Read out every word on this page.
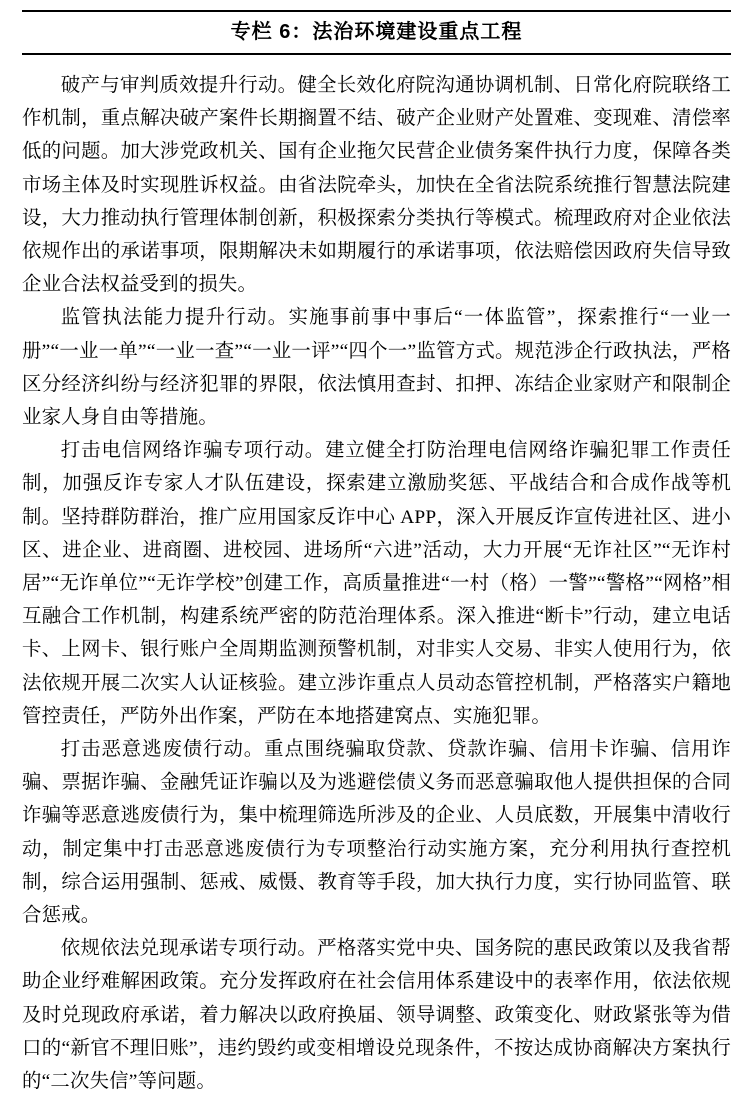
专栏 6：法治环境建设重点工程

破产与审判质效提升行动。健全长效化府院沟通协调机制、日常化府院联络工作机制，重点解决破产案件长期搁置不结、破产企业财产处置难、变现难、清偿率低的问题。加大涉党政机关、国有企业拖欠民营企业债务案件执行力度，保障各类市场主体及时实现胜诉权益。由省法院牵头，加快在全省法院系统推行智慧法院建设，大力推动执行管理体制创新，积极探索分类执行等模式。梳理政府对企业依法依规作出的承诺事项，限期解决未如期履行的承诺事项，依法赔偿因政府失信导致企业合法权益受到的损失。

监管执法能力提升行动。实施事前事中事后“一体监管”，探索推行“一业一册”“一业一单”“一业一查”“一业一评”“四个一”监管方式。规范涉企行政执法，严格区分经济纠纷与经济犯罪的界限，依法慎用查封、扣押、冻结企业家财产和限制企业家人身自由等措施。

打击电信网络诈骗专项行动。建立健全打防治理电信网络诈骗犯罪工作责任制，加强反诈专家人才队伍建设，探索建立激励奖惩、平战结合和合成作战等机制。坚持群防群治，推广应用国家反诈中心 APP，深入开展反诈宣传进社区、进小区、进企业、进商圈、进校园、进场所“六进”活动，大力开展“无诈社区”“无诈村居”“无诈单位”“无诈学校”创建工作，高质量推进“一村（格）一警”“警格”“网格”相互融合工作机制，构建系统严密的防范治理体系。深入推进“断卡”行动，建立电话卡、上网卡、银行账户全周期监测预警机制，对非实人交易、非实人使用行为，依法依规开展二次实人认证核验。建立涉诈重点人员动态管控机制，严格落实户籍地管控责任，严防外出作案，严防在本地搭建窝点、实施犯罪。

打击恶意逃废债行动。重点围绕骗取贷款、贷款诈骗、信用卡诈骗、信用诈骗、票据诈骗、金融凭证诈骗以及为逃避偿债义务而恶意骗取他人提供担保的合同诈骗等恶意逃废债行为，集中梳理筛选所涉及的企业、人员底数，开展集中清收行动，制定集中打击恶意逃废债行为专项整治行动实施方案，充分利用执行查控机制，综合运用强制、惩戒、威慑、教育等手段，加大执行力度，实行协同监管、联合惩戒。

依规依法兑现承诺专项行动。严格落实党中央、国务院的惠民政策以及我省帮助企业纾难解困政策。充分发挥政府在社会信用体系建设中的表率作用，依法依规及时兑现政府承诺，着力解决以政府换届、领导调整、政策变化、财政紧张等为借口的“新官不理旧账”，违约毁约或变相增设兑现条件，不按达成协商解决方案执行的“二次失信”等问题。
